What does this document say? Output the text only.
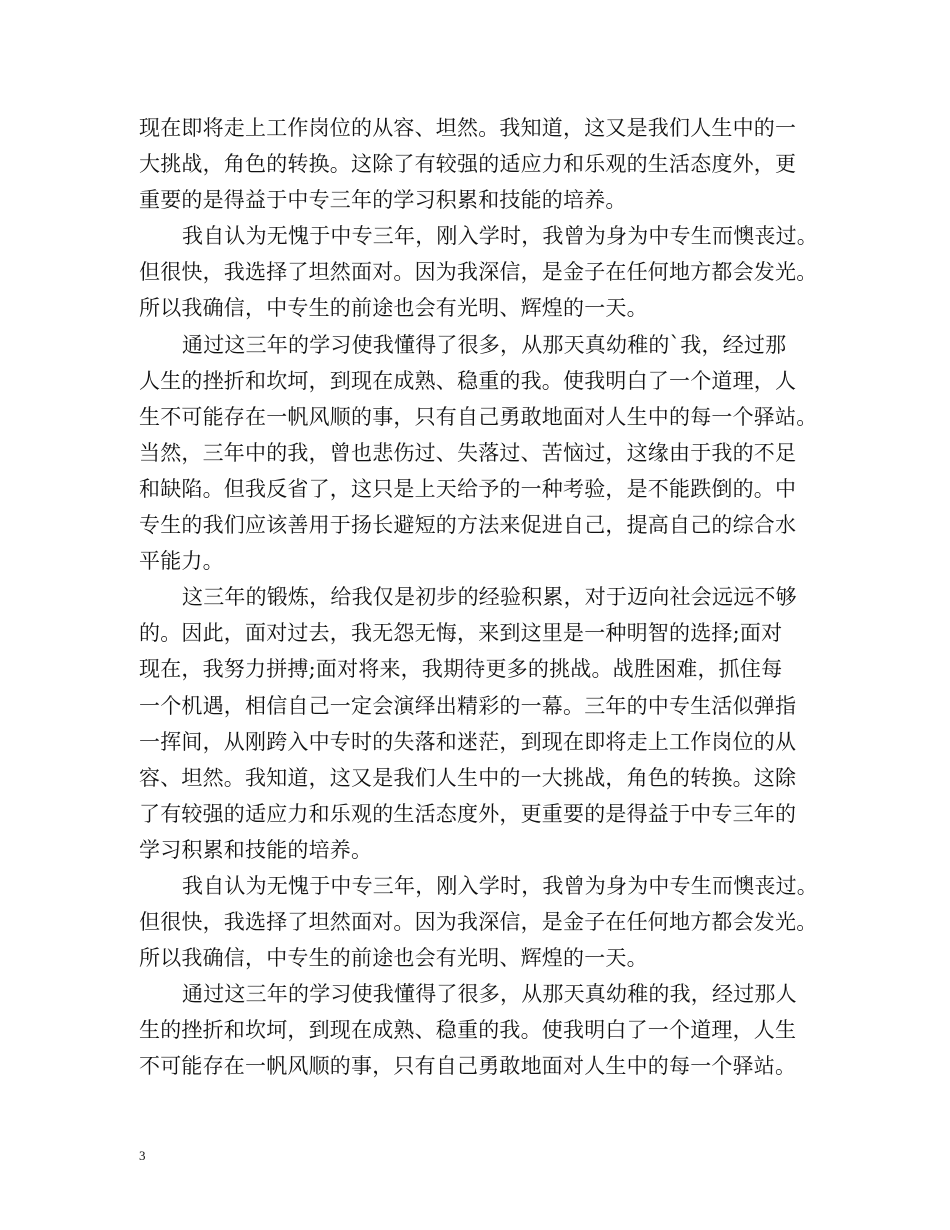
现在即将走上工作岗位的从容、坦然。我知道，这又是我们人生中的一
大挑战，角色的转换。这除了有较强的适应力和乐观的生活态度外，更
重要的是得益于中专三年的学习积累和技能的培养。
我自认为无愧于中专三年，刚入学时，我曾为身为中专生而懊丧过。
但很快，我选择了坦然面对。因为我深信，是金子在任何地方都会发光。
所以我确信，中专生的前途也会有光明、辉煌的一天。
通过这三年的学习使我懂得了很多，从那天真幼稚的`我，经过那
人生的挫折和坎坷，到现在成熟、稳重的我。使我明白了一个道理，人
生不可能存在一帆风顺的事，只有自己勇敢地面对人生中的每一个驿站。
当然，三年中的我，曾也悲伤过、失落过、苦恼过，这缘由于我的不足
和缺陷。但我反省了，这只是上天给予的一种考验，是不能跌倒的。中
专生的我们应该善用于扬长避短的方法来促进自己，提高自己的综合水
平能力。
这三年的锻炼，给我仅是初步的经验积累，对于迈向社会远远不够
的。因此，面对过去，我无怨无悔，来到这里是一种明智的选择;面对
现在，我努力拼搏;面对将来，我期待更多的挑战。战胜困难，抓住每
一个机遇，相信自己一定会演绎出精彩的一幕。三年的中专生活似弹指
一挥间，从刚跨入中专时的失落和迷茫，到现在即将走上工作岗位的从
容、坦然。我知道，这又是我们人生中的一大挑战，角色的转换。这除
了有较强的适应力和乐观的生活态度外，更重要的是得益于中专三年的
学习积累和技能的培养。
我自认为无愧于中专三年，刚入学时，我曾为身为中专生而懊丧过。
但很快，我选择了坦然面对。因为我深信，是金子在任何地方都会发光。
所以我确信，中专生的前途也会有光明、辉煌的一天。
通过这三年的学习使我懂得了很多，从那天真幼稚的我，经过那人
生的挫折和坎坷，到现在成熟、稳重的我。使我明白了一个道理，人生
不可能存在一帆风顺的事，只有自己勇敢地面对人生中的每一个驿站。
3
